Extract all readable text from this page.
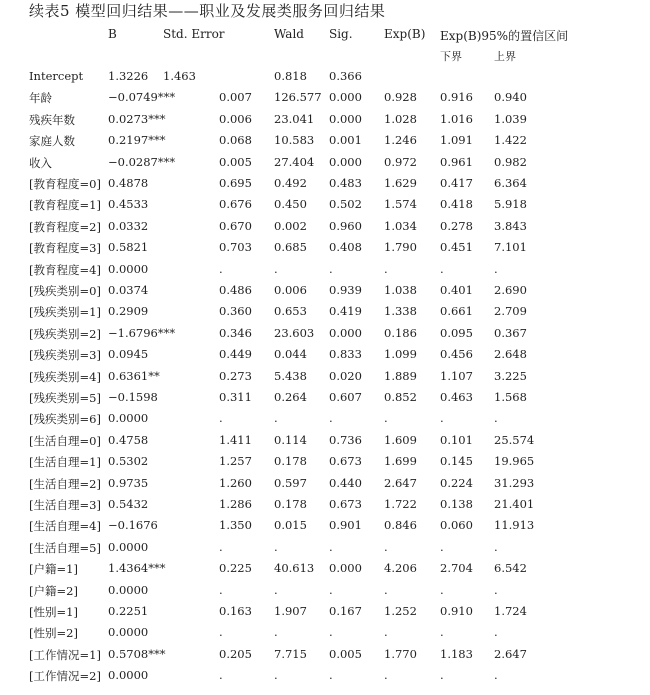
续表5 模型回归结果——职业及发展类服务回归结果
B	Std. Error	Wald Sig.	Exp(B) Exp(B)95%的置信区间
下界	上界
Intercept 1.3226 1.463	0.818 0.366
年龄	−0.0749***	0.007 126.577 0.000 0.928 0.916 0.940
残疾年数	0.0273***	0.006 23.041 0.000 1.028 1.016 1.039
家庭人数	0.2197***	0.068 10.583 0.001 1.246 1.091 1.422
收入	−0.0287***	0.005 27.404 0.000 0.972 0.961 0.982
[教育程度=0] 0.4878	0.695 0.492 0.483 1.629 0.417 6.364
[教育程度=1] 0.4533	0.676 0.450 0.502 1.574 0.418 5.918
[教育程度=2] 0.0332	0.670 0.002 0.960 1.034 0.278 3.843
[教育程度=3] 0.5821	0.703 0.685 0.408 1.790 0.451 7.101
[教育程度=4] 0.0000	.	.	.	.	.	.
[残疾类别=0] 0.0374	0.486 0.006 0.939 1.038 0.401 2.690
[残疾类别=1] 0.2909	0.360 0.653 0.419 1.338 0.661 2.709
[残疾类别=2] −1.6796***	0.346 23.603 0.000 0.186 0.095 0.367
[残疾类别=3] 0.0945	0.449 0.044 0.833 1.099 0.456 2.648
[残疾类别=4] 0.6361**	0.273 5.438 0.020 1.889 1.107 3.225
[残疾类别=5] −0.1598	0.311 0.264 0.607 0.852 0.463 1.568
[残疾类别=6] 0.0000	.	.	.	.	.	.
[生活自理=0] 0.4758	1.411 0.114 0.736 1.609 0.101 25.574
[生活自理=1] 0.5302	1.257 0.178 0.673 1.699 0.145 19.965
[生活自理=2] 0.9735	1.260 0.597 0.440 2.647 0.224 31.293
[生活自理=3] 0.5432	1.286 0.178 0.673 1.722 0.138 21.401
[生活自理=4] −0.1676	1.350 0.015 0.901 0.846 0.060 11.913
[生活自理=5] 0.0000	.	.	.	.	.	.
[户籍=1]	1.4364***	0.225 40.613 0.000 4.206 2.704 6.542
[户籍=2]	0.0000	.	.	.	.	.	.
[性别=1]	0.2251	0.163 1.907 0.167 1.252 0.910 1.724
[性别=2]	0.0000	.	.	.	.	.	.
[工作情况=1] 0.5708***	0.205 7.715 0.005 1.770 1.183 2.647
[工作情况=2] 0.0000	.	.	.	.	.	.
